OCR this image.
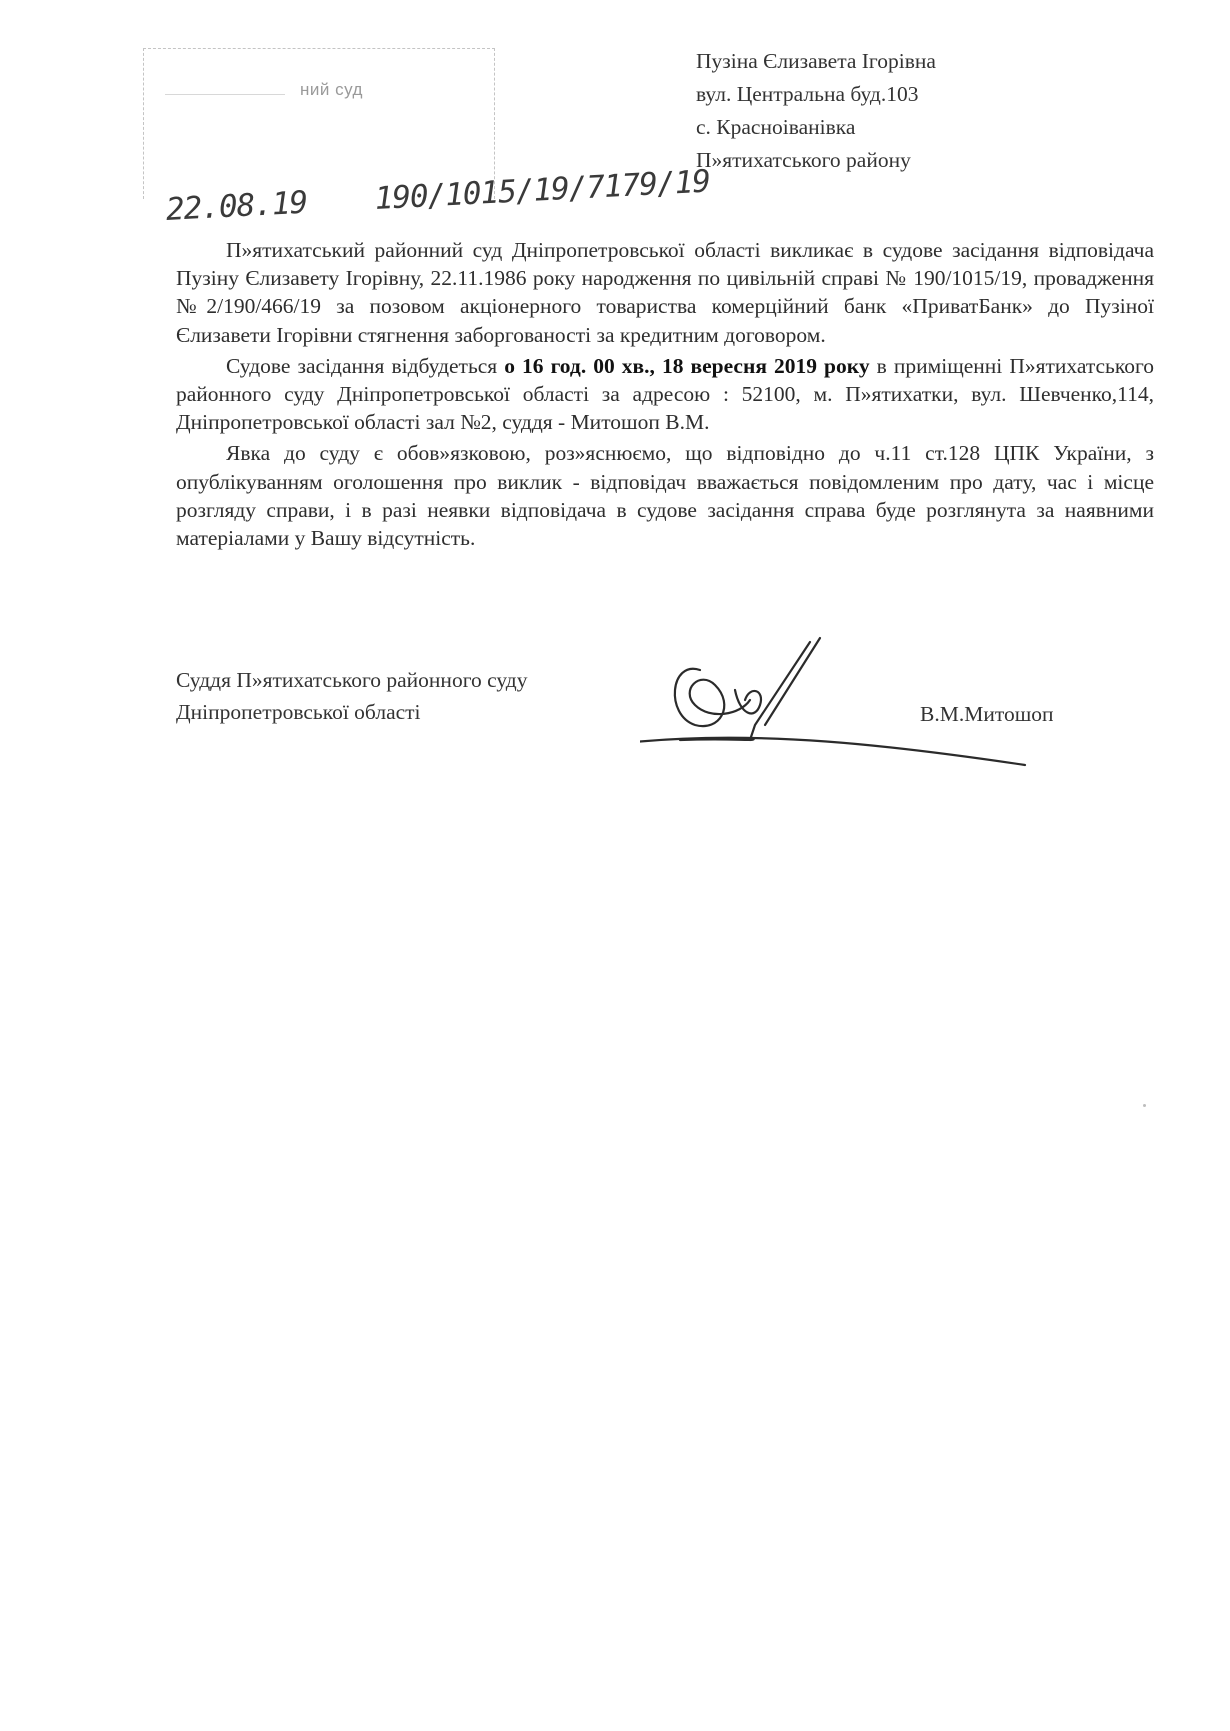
ний суд
Пузіна Єлизавета Ігорівна
вул. Центральна буд.103
с. Красноіванівка
П»ятихатського району
22.08.19 190/1015/19/7179/19

П»ятихатський районний суд Дніпропетровської області викликає в судове засідання відповідача Пузіну Єлизавету Ігорівну, 22.11.1986 року народження по цивільній справі № 190/1015/19, провадження №2/190/466/19 за позовом акціонерного товариства комерційний банк «ПриватБанк» до Пузіної Єлизавети Ігорівни стягнення заборгованості за кредитним договором.

Судове засідання відбудеться о 16 год. 00 хв., 18 вересня 2019 року в приміщенні П»ятихатського районного суду Дніпропетровської області за адресою : 52100, м. П»ятихатки, вул. Шевченко,114, Дніпропетровської області зал №2, суддя - Митошоп В.М.

Явка до суду є обов»язковою, роз»яснюємо, що відповідно до ч.11 ст.128 ЦПК України, з опублікуванням оголошення про виклик - відповідач вважається повідомленим про дату, час і місце розгляду справи, і в разі неявки відповідача в судове засідання справа буде розглянута за наявними матеріалами у Вашу відсутність.

Суддя П»ятихатського районного суду
Дніпропетровської області	В.М.Митошоп
